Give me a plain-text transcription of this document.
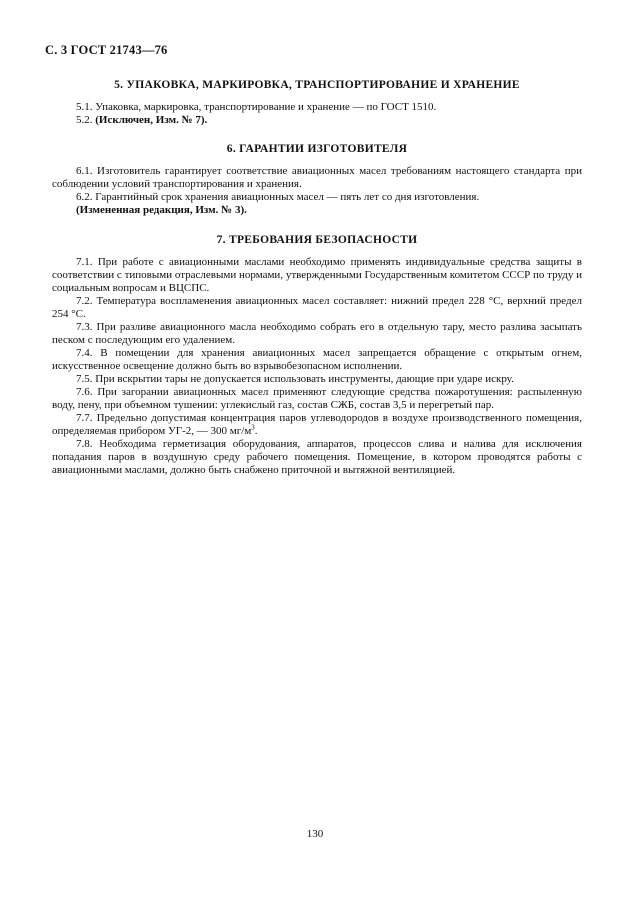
С. 3 ГОСТ 21743—76
5. УПАКОВКА, МАРКИРОВКА, ТРАНСПОРТИРОВАНИЕ И ХРАНЕНИЕ

5.1. Упаковка, маркировка, транспортирование и хранение — по ГОСТ 1510.

5.2. (Исключен, Изм. № 7).

6. ГАРАНТИИ ИЗГОТОВИТЕЛЯ

6.1. Изготовитель гарантирует соответствие авиационных масел требованиям настоящего стандарта при соблюдении условий транспортирования и хранения.

6.2. Гарантийный срок хранения авиационных масел — пять лет со дня изготовления.

(Измененная редакция, Изм. № 3).

7. ТРЕБОВАНИЯ БЕЗОПАСНОСТИ

7.1. При работе с авиационными маслами необходимо применять индивидуальные средства защиты в соответствии с типовыми отраслевыми нормами, утвержденными Государственным комитетом СССР по труду и социальным вопросам и ВЦСПС.

7.2. Температура воспламенения авиационных масел составляет: нижний предел 228 °С, верхний предел 254 °С.

7.3. При разливе авиационного масла необходимо собрать его в отдельную тару, место разлива засыпать песком с последующим его удалением.

7.4. В помещении для хранения авиационных масел запрещается обращение с открытым огнем, искусственное освещение должно быть во взрывобезопасном исполнении.

7.5. При вскрытии тары не допускается использовать инструменты, дающие при ударе искру.

7.6. При загорании авиационных масел применяют следующие средства пожаротушения: распыленную воду, пену, при объемном тушении: углекислый газ, состав СЖБ, состав 3,5 и перегретый пар.

7.7. Предельно допустимая концентрация паров углеводородов в воздухе производственного помещения, определяемая прибором УГ-2, — 300 $мг/м^3$.

7.8. Необходима герметизация оборудования, аппаратов, процессов слива и налива для исключения попадания паров в воздушную среду рабочего помещения. Помещение, в котором проводятся работы с авиационными маслами, должно быть снабжено приточной и вытяжной вентиляцией.

130
